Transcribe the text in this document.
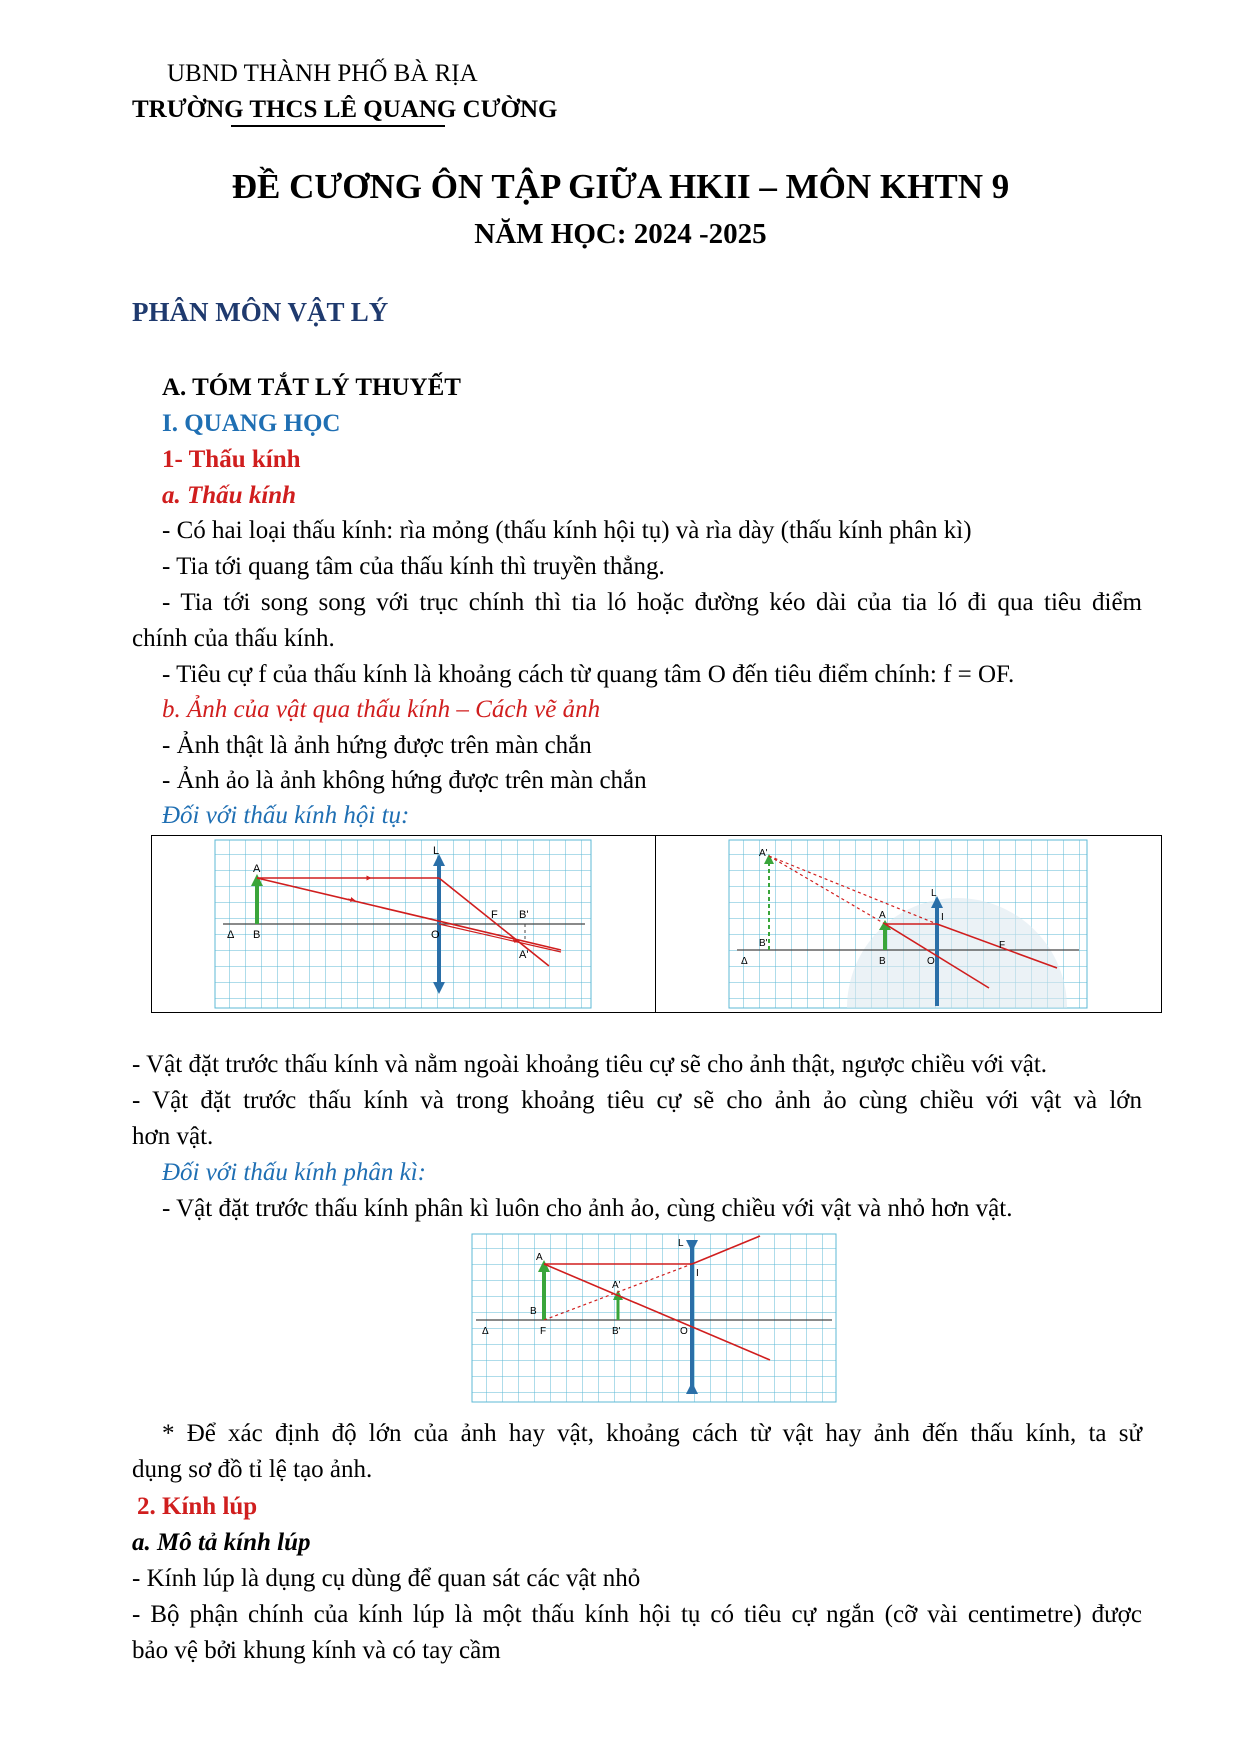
UBND THÀNH PHỐ BÀ RỊA
TRƯỜNG THCS LÊ QUANG CƯỜNG
ĐỀ CƯƠNG ÔN TẬP GIỮA HKII – MÔN KHTN 9
NĂM HỌC: 2024 -2025
PHÂN MÔN VẬT LÝ
A. TÓM TẮT LÝ THUYẾT
I. QUANG HỌC
1- Thấu kính
a. Thấu kính
- Có hai loại thấu kính: rìa mỏng (thấu kính hội tụ) và rìa dày (thấu kính phân kì)
- Tia tới quang tâm của thấu kính thì truyền thẳng.
- Tia tới song song với trục chính thì tia ló hoặc đường kéo dài của tia ló đi qua tiêu điểm
chính của thấu kính.
- Tiêu cự f của thấu kính là khoảng cách từ quang tâm O đến tiêu điểm chính: f = OF.
b. Ảnh của vật qua thấu kính – Cách vẽ ảnh
- Ảnh thật là ảnh hứng được trên màn chắn
- Ảnh ảo là ảnh không hứng được trên màn chắn
Đối với thấu kính hội tụ:
A
B
Δ	O
L
F B'
A'

A'
B'
Δ
A
B	O
L
I
F
- Vật đặt trước thấu kính và nằm ngoài khoảng tiêu cự sẽ cho ảnh thật, ngược chiều với vật.
- Vật đặt trước thấu kính và trong khoảng tiêu cự sẽ cho ảnh ảo cùng chiều với vật và lớn
hơn vật.
Đối với thấu kính phân kì:
- Vật đặt trước thấu kính phân kì luôn cho ảnh ảo, cùng chiều với vật và nhỏ hơn vật.
A
B
F
A'
B'	O
I
L
Δ
* Để xác định độ lớn của ảnh hay vật, khoảng cách từ vật hay ảnh đến thấu kính, ta sử
dụng sơ đồ tỉ lệ tạo ảnh.
2. Kính lúp
a. Mô tả kính lúp
- Kính lúp là dụng cụ dùng để quan sát các vật nhỏ
- Bộ phận chính của kính lúp là một thấu kính hội tụ có tiêu cự ngắn (cỡ vài centimetre) được
bảo vệ bởi khung kính và có tay cầm
